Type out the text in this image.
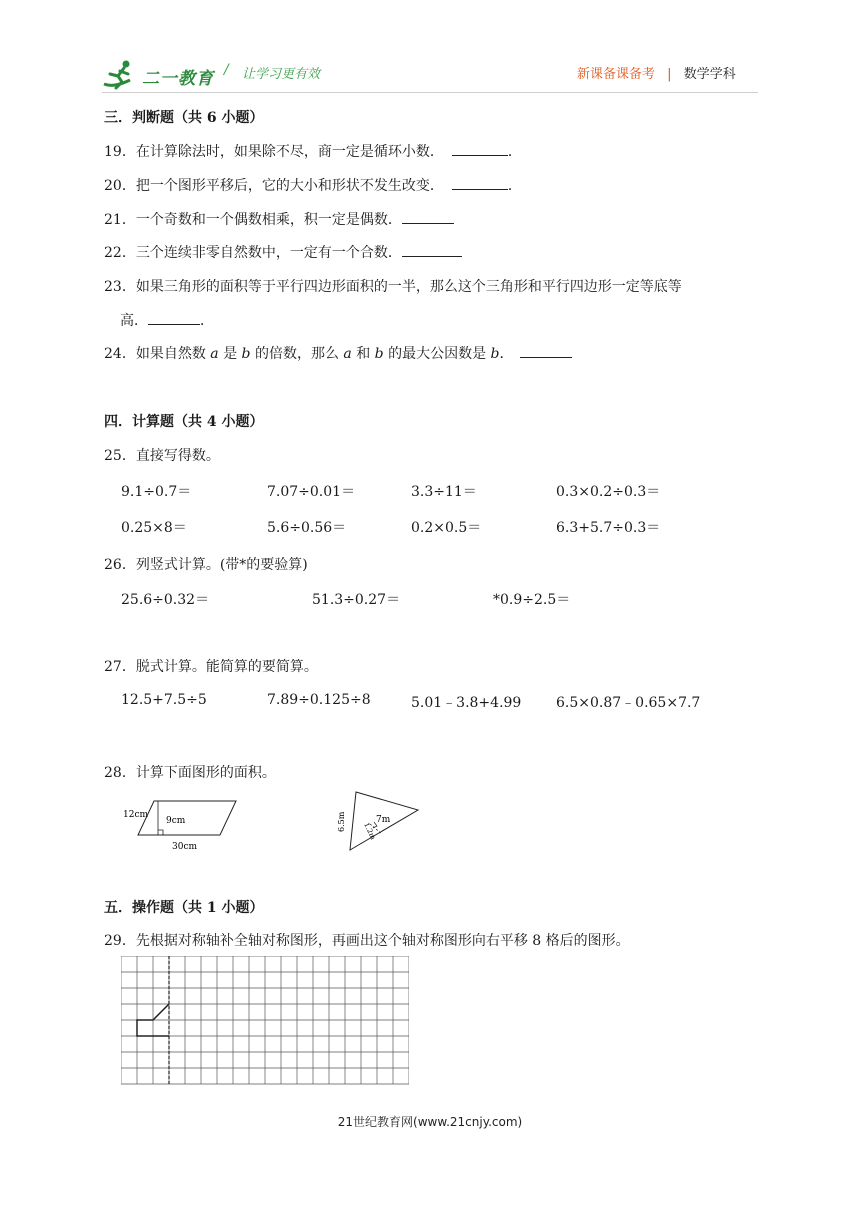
二一教育 / 让学习更有效	新课备课备考 | 数学学科
三．判断题（共 6 小题）
19．在计算除法时，如果除不尽，商一定是循环小数．	．
20．把一个图形平移后，它的大小和形状不发生改变．	．
21．一个奇数和一个偶数相乘，积一定是偶数．
22．三个连续非零自然数中，一定有一个合数．
23．如果三角形的面积等于平行四边形面积的一半，那么这个三角形和平行四边形一定等底等
高．	．
24．如果自然数 a 是 b 的倍数，那么 a 和 b 的最大公因数是 b．
四．计算题（共 4 小题）
25．直接写得数。
9.1÷0.7＝	7.07÷0.01＝	3.3÷11＝	0.3×0.2÷0.3＝
0.25×8＝	5.6÷0.56＝	0.2×0.5＝	6.3+5.7÷0.3＝
26．列竖式计算。(带*的要验算)
25.6÷0.32＝	51.3÷0.27＝	*0.9÷2.5＝
27．脱式计算。能简算的要简算。
12.5+7.5÷5	7.89÷0.125÷8	5.01﹣3.8+4.99 6.5×0.87﹣0.65×7.7
28．计算下面图形的面积。
12cm
9cm
30cm
6.5m	7m
1.2m
五．操作题（共 1 小题）
29．先根据对称轴补全轴对称图形，再画出这个轴对称图形向右平移 8 格后的图形。
21世纪教育网(www.21cnjy.com)
